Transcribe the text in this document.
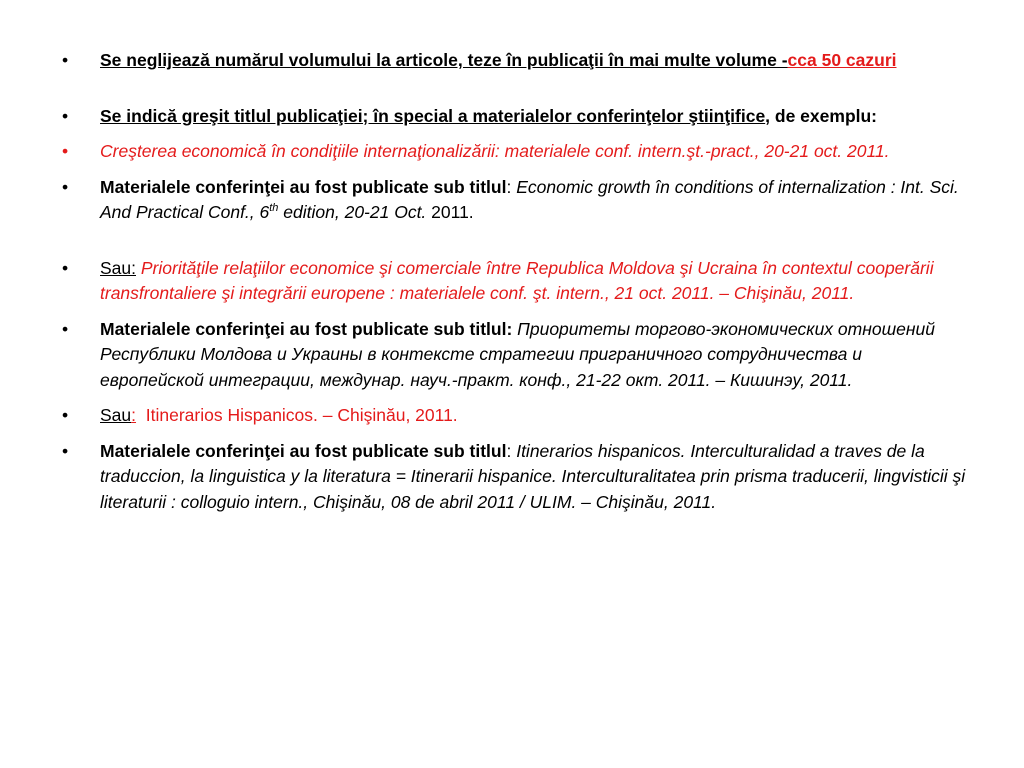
• Se neglijează numărul volumului la articole, teze în publicaţii în mai multe volume -cca 50 cazuri
• Se indică greşit titlul publicaţiei; în special a materialelor conferinţelor ştiinţifice, de exemplu:
• Creşterea economică în condiţiile internaţionalizării: materialele conf. intern.şt.-pract., 20-21 oct. 2011.
• Materialele conferinţei au fost publicate sub titlul: Economic growth în conditions of internalization : Int. Sci. And Practical Conf., 6th edition, 20-21 Oct. 2011.
• Sau: Priorităţile relaţiilor economice şi comerciale între Republica Moldova şi Ucraina în contextul cooperării transfrontaliere şi integrării europene : materialele conf. şt. intern., 21 oct. 2011. – Chişinău, 2011.
• Materialele conferinţei au fost publicate sub titlul: Приоритеты торгово-экономических отношений Республики Молдова и Украины в контексте стратегии приграничного сотрудничества и европейской интеграции, междунар. науч.-практ. конф., 21-22 окт. 2011. – Кишинэу, 2011.
• Sau: Itinerarios Hispanicos. – Chişinău, 2011.
• Materialele conferinţei au fost publicate sub titlul: Itinerarios hispanicos. Interculturalidad a traves de la traduccion, la linguistica y la literatura = Itinerarii hispanice. Interculturalitatea prin prisma traducerii, lingvisticii şi literaturii : colloguio intern., Chişinău, 08 de abril 2011 / ULIM. – Chişinău, 2011.
